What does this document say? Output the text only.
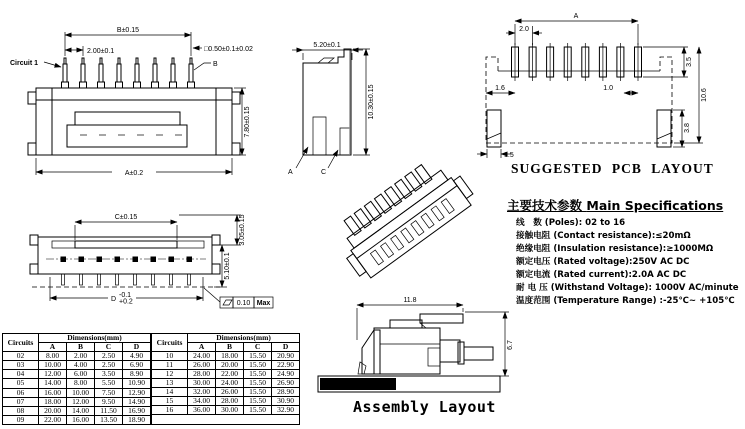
B±0.15
2.00±0.1	□0.50±0.1±0.02
B
Circuit 1
7.80±0.15
A±0.2
5.20±0.1
10.30±0.15
A	C
A
2.0
1.6	1.0
3.5
10.6
3.8
1.5
SUGGESTED PCB LAYOUT
主要技术参数 Main Specifications
线　数 (Poles): 02 to 16
接触电阻 (Contact resistance):≤20mΩ
绝缘电阻 (Insulation resistance):≥1000MΩ
额定电压 (Rated voltage):250V AC DC
额定电流 (Rated current):2.0A AC DC
耐 电 压 (Withstand Voltage): 1000V AC/minute
温度范围 (Temperature Range) :-25℃~ +105℃
C±0.15	3.05±0.15
5.10±0.1
D
-0.1
+0.2	0.10 Max	11.8
6.7
Aluminum plate
Assembly Layout
Circuits	Dimensions(mm)			
	A	B	C	D
02	8.00	2.00	2.50	4.90
03	10.00	4.00	2.50	6.90
04	12.00	6.00	3.50	8.90
05	14.00	8.00	5.50	10.90
06	16.00	10.00	7.50	12.90
07	18.00	12.00	9.50	14.90
08	20.00	14.00	11.50	16.90
09	22.00	16.00	13.50	18.90
Circuits	Dimensions(mm)			
	A	B	C	D
10	24.00	18.00	15.50	20.90
11	26.00	20.00	15.50	22.90
12	28.00	22.00	15.50	24.90
13	30.00	24.00	15.50	26.90
14	32.00	26.00	15.50	28.90
15	34.00	28.00	15.50	30.90
16	36.00	30.00	15.50	32.90
